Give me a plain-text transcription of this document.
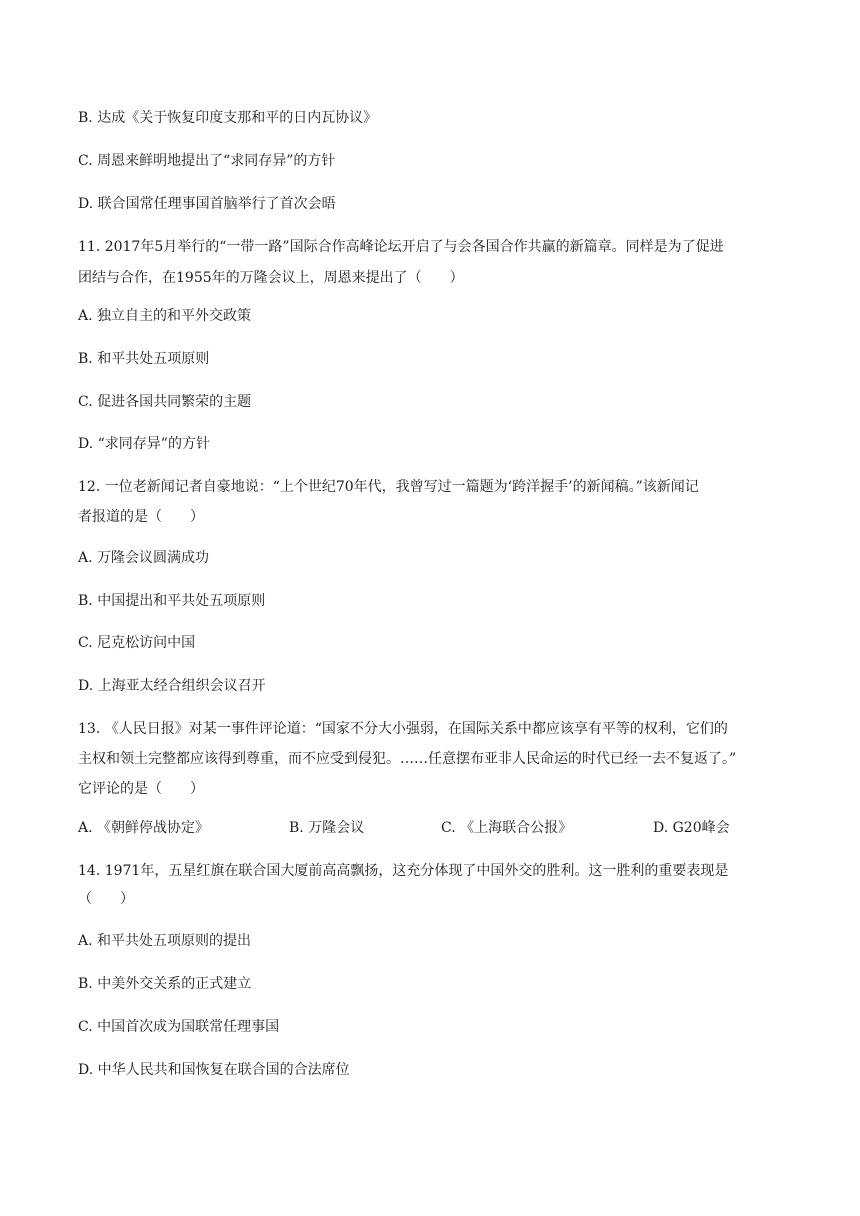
B. 达成《关于恢复印度支那和平的日内瓦协议》
C. 周恩来鲜明地提出了“求同存异”的方针
D. 联合国常任理事国首脑举行了首次会晤
11. 2017年5月举行的“一带一路”国际合作高峰论坛开启了与会各国合作共赢的新篇章。同样是为了促进
团结与合作，在1955年的万隆会议上，周恩来提出了（　　）
A. 独立自主的和平外交政策
B. 和平共处五项原则
C. 促进各国共同繁荣的主题
D. “求同存异”的方针
12. 一位老新闻记者自豪地说：“上个世纪70年代，我曾写过一篇题为‘跨洋握手’的新闻稿。”该新闻记
者报道的是（　　）
A. 万隆会议圆满成功
B. 中国提出和平共处五项原则
C. 尼克松访问中国
D. 上海亚太经合组织会议召开
13. 《人民日报》对某一事件评论道：“国家不分大小强弱，在国际关系中都应该享有平等的权利，它们的
主权和领土完整都应该得到尊重，而不应受到侵犯。……任意摆布亚非人民命运的时代已经一去不复返了。”
它评论的是（　　）
A. 《朝鲜停战协定》	B. 万隆会议	C. 《上海联合公报》	D. G20峰会
14. 1971年，五星红旗在联合国大厦前高高飘扬，这充分体现了中国外交的胜利。这一胜利的重要表现是
（　　）
A. 和平共处五项原则的提出
B. 中美外交关系的正式建立
C. 中国首次成为国联常任理事国
D. 中华人民共和国恢复在联合国的合法席位
